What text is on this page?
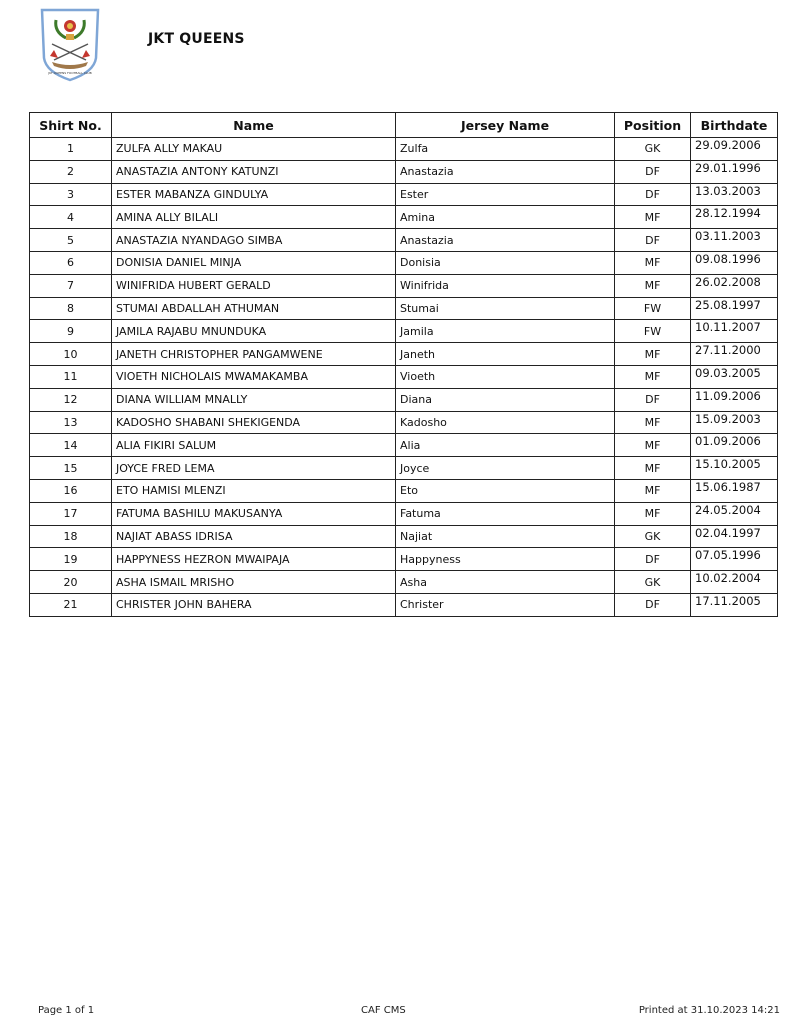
JKT QUEENS FOOTBALL CLUB
JKT QUEENS
Shirt No.	Name	Jersey Name	Position	Birthdate
1	ZULFA ALLY MAKAU	Zulfa	GK	29.09.2006
2	ANASTAZIA ANTONY KATUNZI	Anastazia	DF	29.01.1996
3	ESTER MABANZA GINDULYA	Ester	DF	13.03.2003
4	AMINA ALLY BILALI	Amina	MF	28.12.1994
5	ANASTAZIA NYANDAGO SIMBA	Anastazia	DF	03.11.2003
6	DONISIA DANIEL MINJA	Donisia	MF	09.08.1996
7	WINIFRIDA HUBERT GERALD	Winifrida	MF	26.02.2008
8	STUMAI ABDALLAH ATHUMAN	Stumai	FW	25.08.1997
9	JAMILA RAJABU MNUNDUKA	Jamila	FW	10.11.2007
10	JANETH CHRISTOPHER PANGAMWENE	Janeth	MF	27.11.2000
11	VIOETH NICHOLAIS MWAMAKAMBA	Vioeth	MF	09.03.2005
12	DIANA WILLIAM MNALLY	Diana	DF	11.09.2006
13	KADOSHO SHABANI SHEKIGENDA	Kadosho	MF	15.09.2003
14	ALIA FIKIRI SALUM	Alia	MF	01.09.2006
15	JOYCE FRED LEMA	Joyce	MF	15.10.2005
16	ETO HAMISI MLENZI	Eto	MF	15.06.1987
17	FATUMA BASHILU MAKUSANYA	Fatuma	MF	24.05.2004
18	NAJIAT ABASS IDRISA	Najiat	GK	02.04.1997
19	HAPPYNESS HEZRON MWAIPAJA	Happyness	DF	07.05.1996
20	ASHA ISMAIL MRISHO	Asha	GK	10.02.2004
21	CHRISTER JOHN BAHERA	Christer	DF	17.11.2005
Page 1 of 1	CAF CMS	Printed at 31.10.2023 14:21
